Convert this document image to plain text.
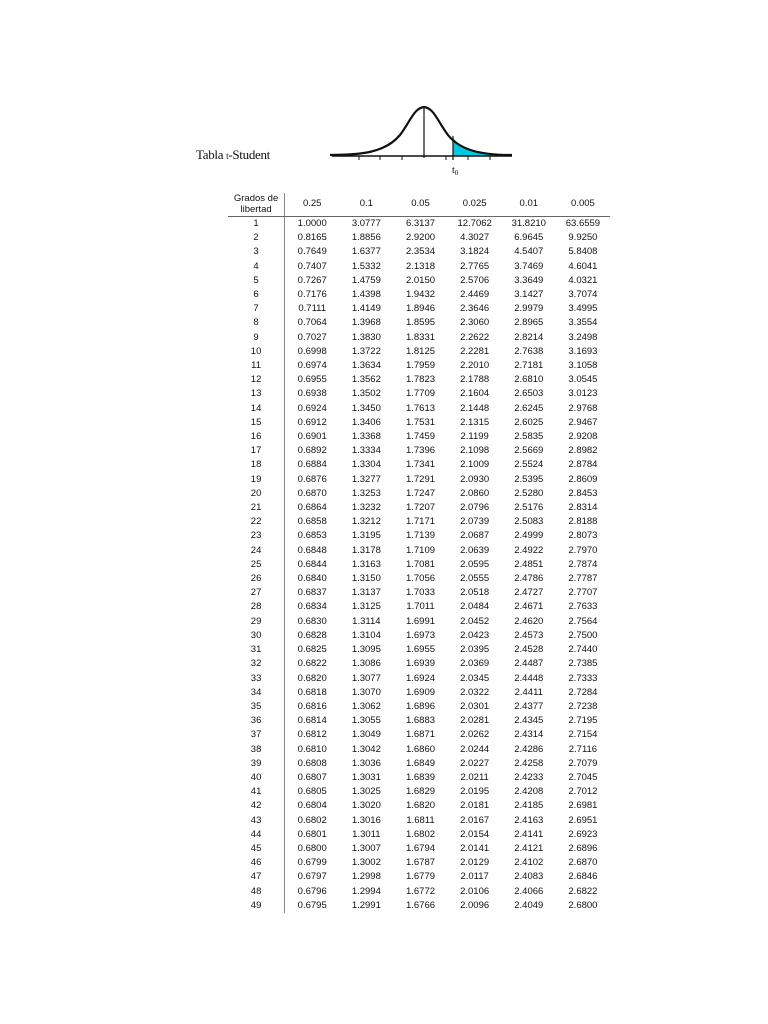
Tabla t-Student
$t_0$
Grados de
libertad	0.25	0.1	0.05	0.025	0.01	0.005
1	1.0000	3.0777	6.3137	12.7062	31.8210	63.6559
2	0.8165	1.8856	2.9200	4.3027	6.9645	9.9250
3	0.7649	1.6377	2.3534	3.1824	4.5407	5.8408
4	0.7407	1.5332	2.1318	2.7765	3.7469	4.6041
5	0.7267	1.4759	2.0150	2.5706	3.3649	4.0321
6	0.7176	1.4398	1.9432	2.4469	3.1427	3.7074
7	0.7111	1.4149	1.8946	2.3646	2.9979	3.4995
8	0.7064	1.3968	1.8595	2.3060	2.8965	3.3554
9	0.7027	1.3830	1.8331	2.2622	2.8214	3.2498
10	0.6998	1.3722	1.8125	2.2281	2.7638	3.1693
11	0.6974	1.3634	1.7959	2.2010	2.7181	3.1058
12	0.6955	1.3562	1.7823	2.1788	2.6810	3.0545
13	0.6938	1.3502	1.7709	2.1604	2.6503	3.0123
14	0.6924	1.3450	1.7613	2.1448	2.6245	2.9768
15	0.6912	1.3406	1.7531	2.1315	2.6025	2.9467
16	0.6901	1.3368	1.7459	2.1199	2.5835	2.9208
17	0.6892	1.3334	1.7396	2.1098	2.5669	2.8982
18	0.6884	1.3304	1.7341	2.1009	2.5524	2.8784
19	0.6876	1.3277	1.7291	2.0930	2.5395	2.8609
20	0.6870	1.3253	1.7247	2.0860	2.5280	2.8453
21	0.6864	1.3232	1.7207	2.0796	2.5176	2.8314
22	0.6858	1.3212	1.7171	2.0739	2.5083	2.8188
23	0.6853	1.3195	1.7139	2.0687	2.4999	2.8073
24	0.6848	1.3178	1.7109	2.0639	2.4922	2.7970
25	0.6844	1.3163	1.7081	2.0595	2.4851	2.7874
26	0.6840	1.3150	1.7056	2.0555	2.4786	2.7787
27	0.6837	1.3137	1.7033	2.0518	2.4727	2.7707
28	0.6834	1.3125	1.7011	2.0484	2.4671	2.7633
29	0.6830	1.3114	1.6991	2.0452	2.4620	2.7564
30	0.6828	1.3104	1.6973	2.0423	2.4573	2.7500
31	0.6825	1.3095	1.6955	2.0395	2.4528	2.7440
32	0.6822	1.3086	1.6939	2.0369	2.4487	2.7385
33	0.6820	1.3077	1.6924	2.0345	2.4448	2.7333
34	0.6818	1.3070	1.6909	2.0322	2.4411	2.7284
35	0.6816	1.3062	1.6896	2.0301	2.4377	2.7238
36	0.6814	1.3055	1.6883	2.0281	2.4345	2.7195
37	0.6812	1.3049	1.6871	2.0262	2.4314	2.7154
38	0.6810	1.3042	1.6860	2.0244	2.4286	2.7116
39	0.6808	1.3036	1.6849	2.0227	2.4258	2.7079
40	0.6807	1.3031	1.6839	2.0211	2.4233	2.7045
41	0.6805	1.3025	1.6829	2.0195	2.4208	2.7012
42	0.6804	1.3020	1.6820	2.0181	2.4185	2.6981
43	0.6802	1.3016	1.6811	2.0167	2.4163	2.6951
44	0.6801	1.3011	1.6802	2.0154	2.4141	2.6923
45	0.6800	1.3007	1.6794	2.0141	2.4121	2.6896
46	0.6799	1.3002	1.6787	2.0129	2.4102	2.6870
47	0.6797	1.2998	1.6779	2.0117	2.4083	2.6846
48	0.6796	1.2994	1.6772	2.0106	2.4066	2.6822
49	0.6795	1.2991	1.6766	2.0096	2.4049	2.6800
